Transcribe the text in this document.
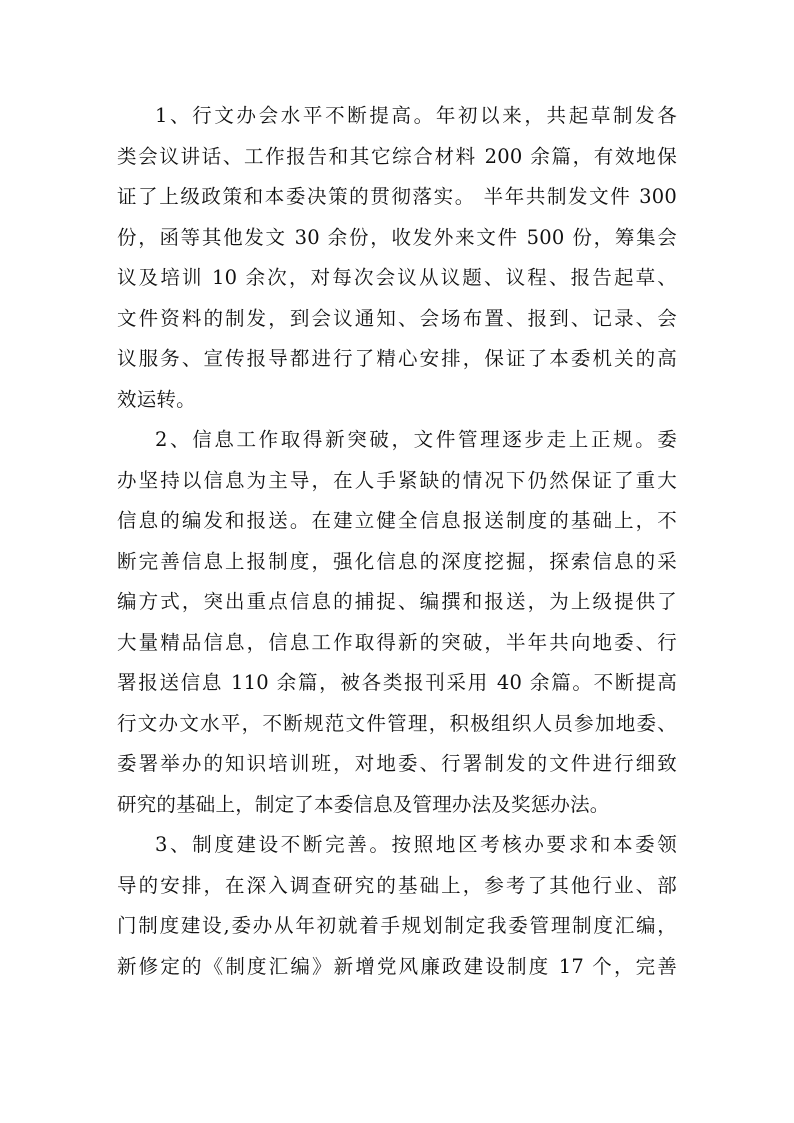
1、行文办会水平不断提高。年初以来，共起草制发各
类会议讲话、工作报告和其它综合材料 200 余篇，有效地保
证了上级政策和本委决策的贯彻落实。 半年共制发文件 300
份，函等其他发文 30 余份，收发外来文件 500 份，筹集会
议及培训 10 余次，对每次会议从议题、议程、报告起草、
文件资料的制发，到会议通知、会场布置、报到、记录、会
议服务、宣传报导都进行了精心安排，保证了本委机关的高
效运转。
2、信息工作取得新突破，文件管理逐步走上正规。委
办坚持以信息为主导，在人手紧缺的情况下仍然保证了重大
信息的编发和报送。在建立健全信息报送制度的基础上，不
断完善信息上报制度，强化信息的深度挖掘，探索信息的采
编方式，突出重点信息的捕捉、编撰和报送，为上级提供了
大量精品信息，信息工作取得新的突破，半年共向地委、行
署报送信息 110 余篇，被各类报刊采用 40 余篇。不断提高
行文办文水平，不断规范文件管理，积极组织人员参加地委、
委署举办的知识培训班，对地委、行署制发的文件进行细致
研究的基础上，制定了本委信息及管理办法及奖惩办法。
3、制度建设不断完善。按照地区考核办要求和本委领
导的安排，在深入调查研究的基础上，参考了其他行业、部
门制度建设,委办从年初就着手规划制定我委管理制度汇编，
新修定的《制度汇编》新增党风廉政建设制度 17 个，完善
